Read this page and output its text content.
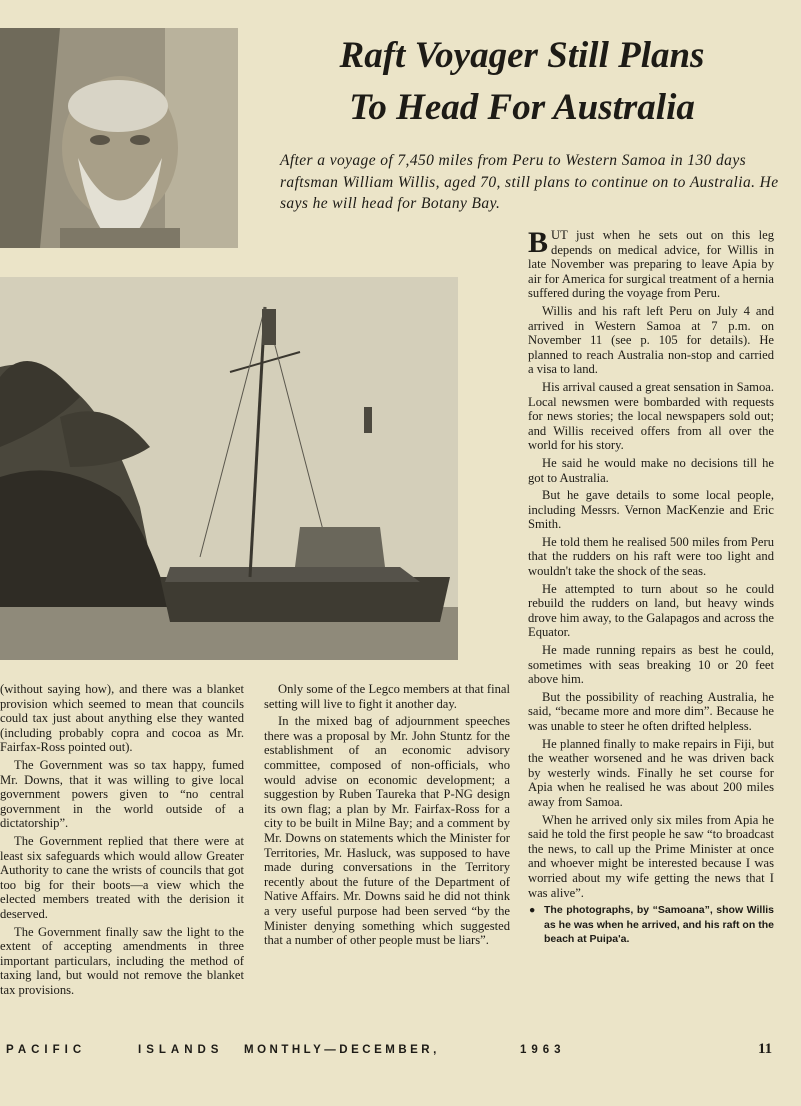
Raft Voyager Still Plans
To Head For Australia

After a voyage of 7,450 miles from Peru to Western Samoa in 130 days raftsman William Willis, aged 70, still plans to continue on to Australia. He says he will head for Botany Bay.

BUT just when he sets out on this leg depends on medical advice, for Willis in late November was preparing to leave Apia by air for America for surgical treatment of a hernia suffered during the voyage from Peru.

Willis and his raft left Peru on July 4 and arrived in Western Samoa at 7 p.m. on November 11 (see p. 105 for details). He planned to reach Australia non-stop and carried a visa to land.

His arrival caused a great sensation in Samoa. Local newsmen were bombarded with requests for news stories; the local newspapers sold out; and Willis received offers from all over the world for his story.

He said he would make no decisions till he got to Australia.

But he gave details to some local people, including Messrs. Vernon MacKenzie and Eric Smith.

He told them he realised 500 miles from Peru that the rudders on his raft were too light and wouldn't take the shock of the seas.

He attempted to turn about so he could rebuild the rudders on land, but heavy winds drove him away, to the Galapagos and across the Equator.

He made running repairs as best he could, sometimes with seas breaking 10 or 20 feet above him.

But the possibility of reaching Australia, he said, “became more and more dim”. Because he was unable to steer he often drifted helpless.

He planned finally to make repairs in Fiji, but the weather worsened and he was driven back by westerly winds. Finally he set course for Apia when he realised he was about 200 miles away from Samoa.

When he arrived only six miles from Apia he said he told the first people he saw “to broadcast the news, to call up the Prime Minister at once and whoever might be interested because I was worried about my wife getting the news that I was alive”.

● The photographs, by “Samoana”, show Willis as he was when he arrived, and his raft on the beach at Puipa'a.

(without saying how), and there was a blanket provision which seemed to mean that councils could tax just about anything else they wanted (including probably copra and cocoa as Mr. Fairfax-Ross pointed out).

The Government was so tax happy, fumed Mr. Downs, that it was willing to give local government powers given to “no central government in the world outside of a dictatorship”.

The Government replied that there were at least six safeguards which would allow Greater Authority to cane the wrists of councils that got too big for their boots—a view which the elected members treated with the derision it deserved.

The Government finally saw the light to the extent of accepting amendments in three important particulars, including the method of taxing land, but would not remove the blanket tax provisions.

Only some of the Legco members at that final setting will live to fight it another day.

In the mixed bag of adjournment speeches there was a proposal by Mr. John Stuntz for the establishment of an economic advisory committee, composed of non-officials, who would advise on economic development; a suggestion by Ruben Taureka that P-NG design its own flag; a plan by Mr. Fairfax-Ross for a city to be built in Milne Bay; and a comment by Mr. Downs on statements which the Minister for Territories, Mr. Hasluck, was supposed to have made during conversations in the Territory recently about the future of the Department of Native Affairs. Mr. Downs said he did not think a very useful purpose had been served “by the Minister denying something which suggested that a number of other people must be liars”.

PACIFIC	ISLANDS MONTHLY—DECEMBER,	1963	11
